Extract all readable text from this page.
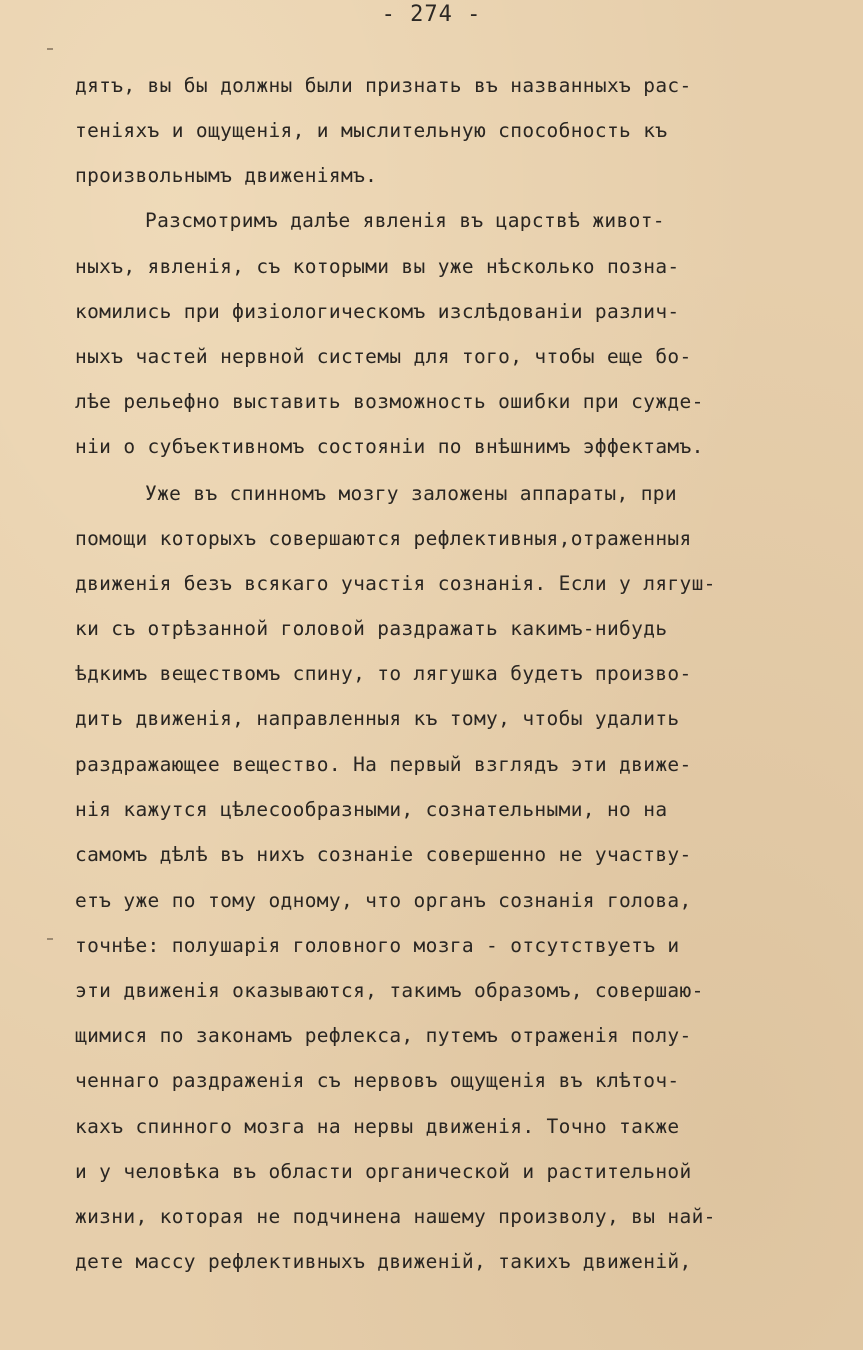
- 274 -
дятъ, вы бы должны были признать въ названныхъ рас-
теніяхъ и ощущенія, и мыслительную способность къ
произвольнымъ движеніямъ.
Разсмотримъ далѣе явленія въ царствѣ живот-
ныхъ, явленія, съ которыми вы уже нѣсколько позна-
комились при физіологическомъ изслѣдованіи различ-
ныхъ частей нервной системы для того, чтобы еще бо-
лѣе рельефно выставить возможность ошибки при сужде-
ніи о субъективномъ состояніи по внѣшнимъ эффектамъ.
Уже въ спинномъ мозгу заложены аппараты, при
помощи которыхъ совершаются рефлективныя,отраженныя
движенія безъ всякаго участія сознанія. Если у лягуш-
ки съ отрѣзанной головой раздражать какимъ-нибудь
ѣдкимъ веществомъ спину, то лягушка будетъ произво-
дить движенія, направленныя къ тому, чтобы удалить
раздражающее вещество. На первый взглядъ эти движе-
нія кажутся цѣлесообразными, сознательными, но на
самомъ дѣлѣ въ нихъ сознаніе совершенно не участву-
етъ уже по тому одному, что органъ сознанія голова,
точнѣе: полушарія головного мозга - отсутствуетъ и
эти движенія оказываются, такимъ образомъ, совершаю-
щимися по законамъ рефлекса, путемъ отраженія полу-
ченнаго раздраженія съ нервовъ ощущенія въ клѣточ-
кахъ спинного мозга на нервы движенія. Точно также
и у человѣка въ области органической и растительной
жизни, которая не подчинена нашему произволу, вы най-
дете массу рефлективныхъ движеній, такихъ движеній,
